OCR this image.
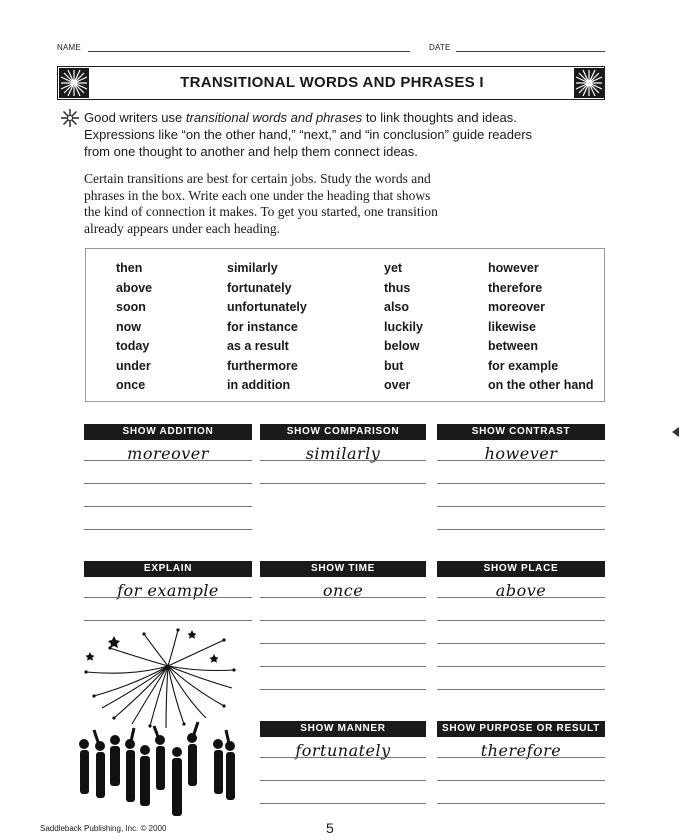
NAME	DATE
TRANSITIONAL WORDS AND PHRASES I
Good writers use transitional words and phrases to link thoughts and ideas.
Expressions like “on the other hand,” “next,” and “in conclusion” guide readers
from one thought to another and help them connect ideas.
Certain transitions are best for certain jobs. Study the words and
phrases in the box. Write each one under the heading that shows
the kind of connection it makes. To get you started, one transition
already appears under each heading.
then
above
soon
now
today
under
once
similarly
fortunately
unfortunately
for instance
as a result
furthermore
in addition
yet
thus
also
luckily
below
but
over
however
therefore
moreover
likewise
between
for example
on the other hand
SHOW ADDITION
moreover
SHOW COMPARISON
similarly
SHOW CONTRAST
however
EXPLAIN
for example
SHOW TIME
once
SHOW PLACE
above
SHOW MANNER
fortunately
SHOW PURPOSE OR RESULT
therefore
Saddleback Publishing, Inc. © 2000	5
